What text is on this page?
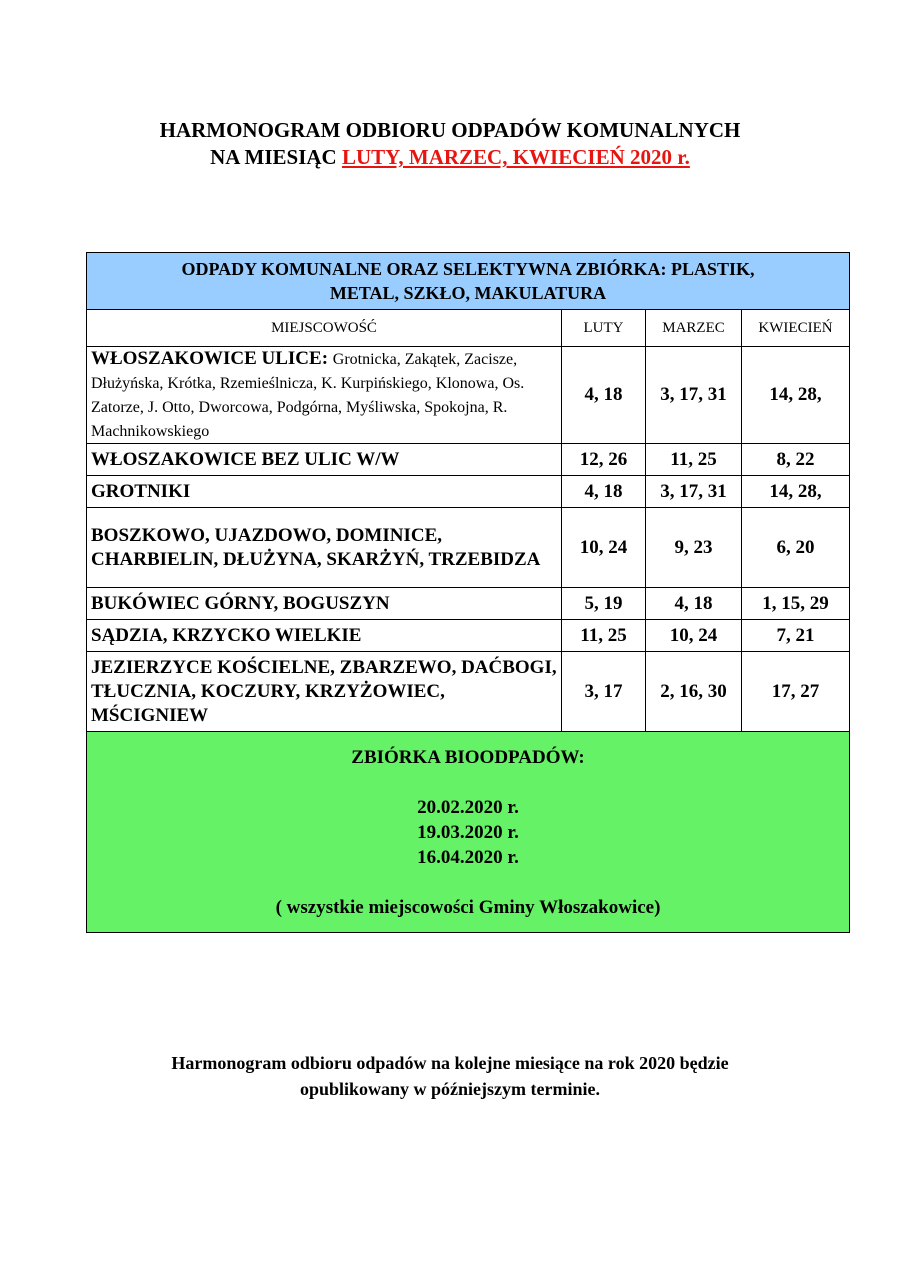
HARMONOGRAM ODBIORU ODPADÓW KOMUNALNYCH
NA MIESIĄC LUTY, MARZEC, KWIECIEŃ 2020 r.
ODPADY KOMUNALNE ORAZ SELEKTYWNA ZBIÓRKA: PLASTIK,
METAL, SZKŁO, MAKULATURA			

MIEJSCOWOŚĆ	LUTY	MARZEC	KWIECIEŃ
WŁOSZAKOWICE ULICE: Grotnicka, Zakątek, Zacisze, Dłużyńska, Krótka, Rzemieślnicza, K. Kurpińskiego, Klonowa, Os. Zatorze, J. Otto, Dworcowa, Podgórna, Myśliwska, Spokojna, R. Machnikowskiego	4, 18	3, 17, 31	14, 28,
WŁOSZAKOWICE BEZ ULIC W/W	12, 26	11, 25	8, 22
GROTNIKI	4, 18	3, 17, 31	14, 28,
BOSZKOWO, UJAZDOWO, DOMINICE, CHARBIELIN, DŁUŻYNA, SKARŻYŃ, TRZEBIDZA	10, 24	9, 23	6, 20
BUKÓWIEC GÓRNY, BOGUSZYN	5, 19	4, 18	1, 15, 29
SĄDZIA, KRZYCKO WIELKIE	11, 25	10, 24	7, 21
JEZIERZYCE KOŚCIELNE, ZBARZEWO, DAĆBOGI, TŁUCZNIA, KOCZURY, KRZYŻOWIEC, MŚCIGNIEW	3, 17	2, 16, 30	17, 27

ZBIÓRKA BIOODPADÓW:
20.02.2020 r.
19.03.2020 r.
16.04.2020 r.
( wszystkie miejscowości Gminy Włoszakowice)			
Harmonogram odbioru odpadów na kolejne miesiące na rok 2020 będzie
opublikowany w późniejszym terminie.
